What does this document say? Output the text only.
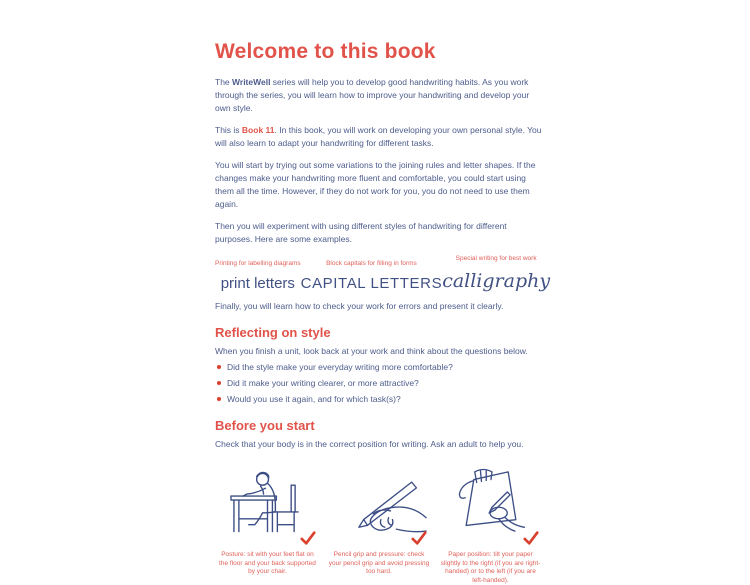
Welcome to this book

The WriteWell series will help you to develop good handwriting habits. As you work through the series, you will learn how to improve your handwriting and develop your own style.

This is Book 11. In this book, you will work on developing your own personal style. You will also learn to adapt your handwriting for different tasks.

You will start by trying out some variations to the joining rules and letter shapes. If the changes make your handwriting more fluent and comfortable, you could start using them all the time. However, if they do not work for you, you do not need to use them again.

Then you will experiment with using different styles of handwriting for different purposes. Here are some examples.

Printing for labelling diagrams
print letters
Block capitals for filling in forms
CAPITAL LETTERS
Special writing for best work
calligraphy

Finally, you will learn how to check your work for errors and present it clearly.

Reflecting on style

When you finish a unit, look back at your work and think about the questions below.

Did the style make your everyday writing more comfortable?
Did it make your writing clearer, or more attractive?
Would you use it again, and for which task(s)?
Before you start

Check that your body is in the correct position for writing. Ask an adult to help you.

Posture: sit with your feet flat on the floor and your back supported by your chair.
Pencil grip and pressure: check your pencil grip and avoid pressing too hard.
Paper position: tilt your paper slightly to the right (if you are right-handed) or to the left (if you are left-handed).
